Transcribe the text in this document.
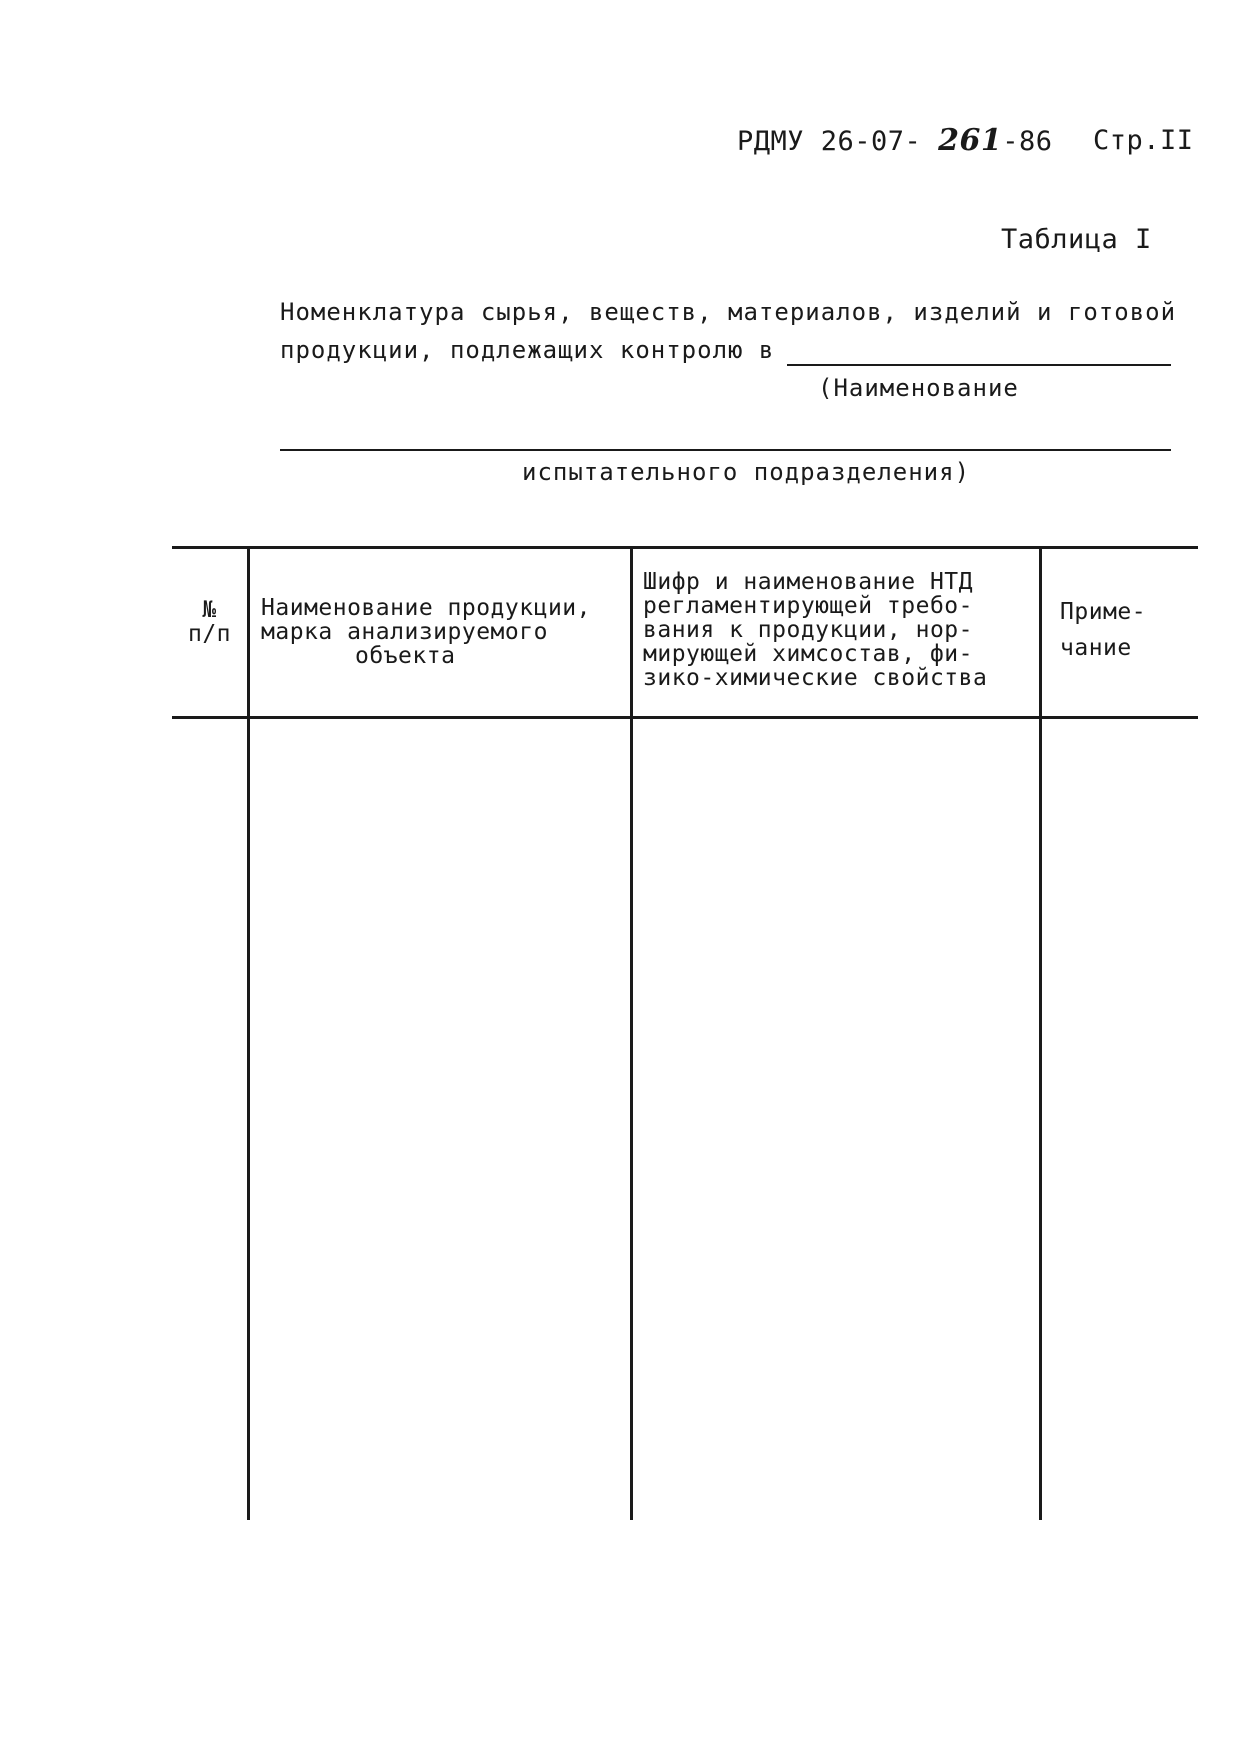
РДМУ 26-07- 261-86 Стр.II
Таблица I
Номенклатура сырья, веществ, материалов, изделий и готовой
продукции, подлежащих контролю в
(Наименование
испытательного подразделения)
№
п/п
Наименование продукции,
марка анализируемого
объекта
Шифр и наименование НТД
регламентирующей требо-
вания к продукции, нор-
мирующей химсостав, фи-
зико-химические свойства
Приме-
чание
